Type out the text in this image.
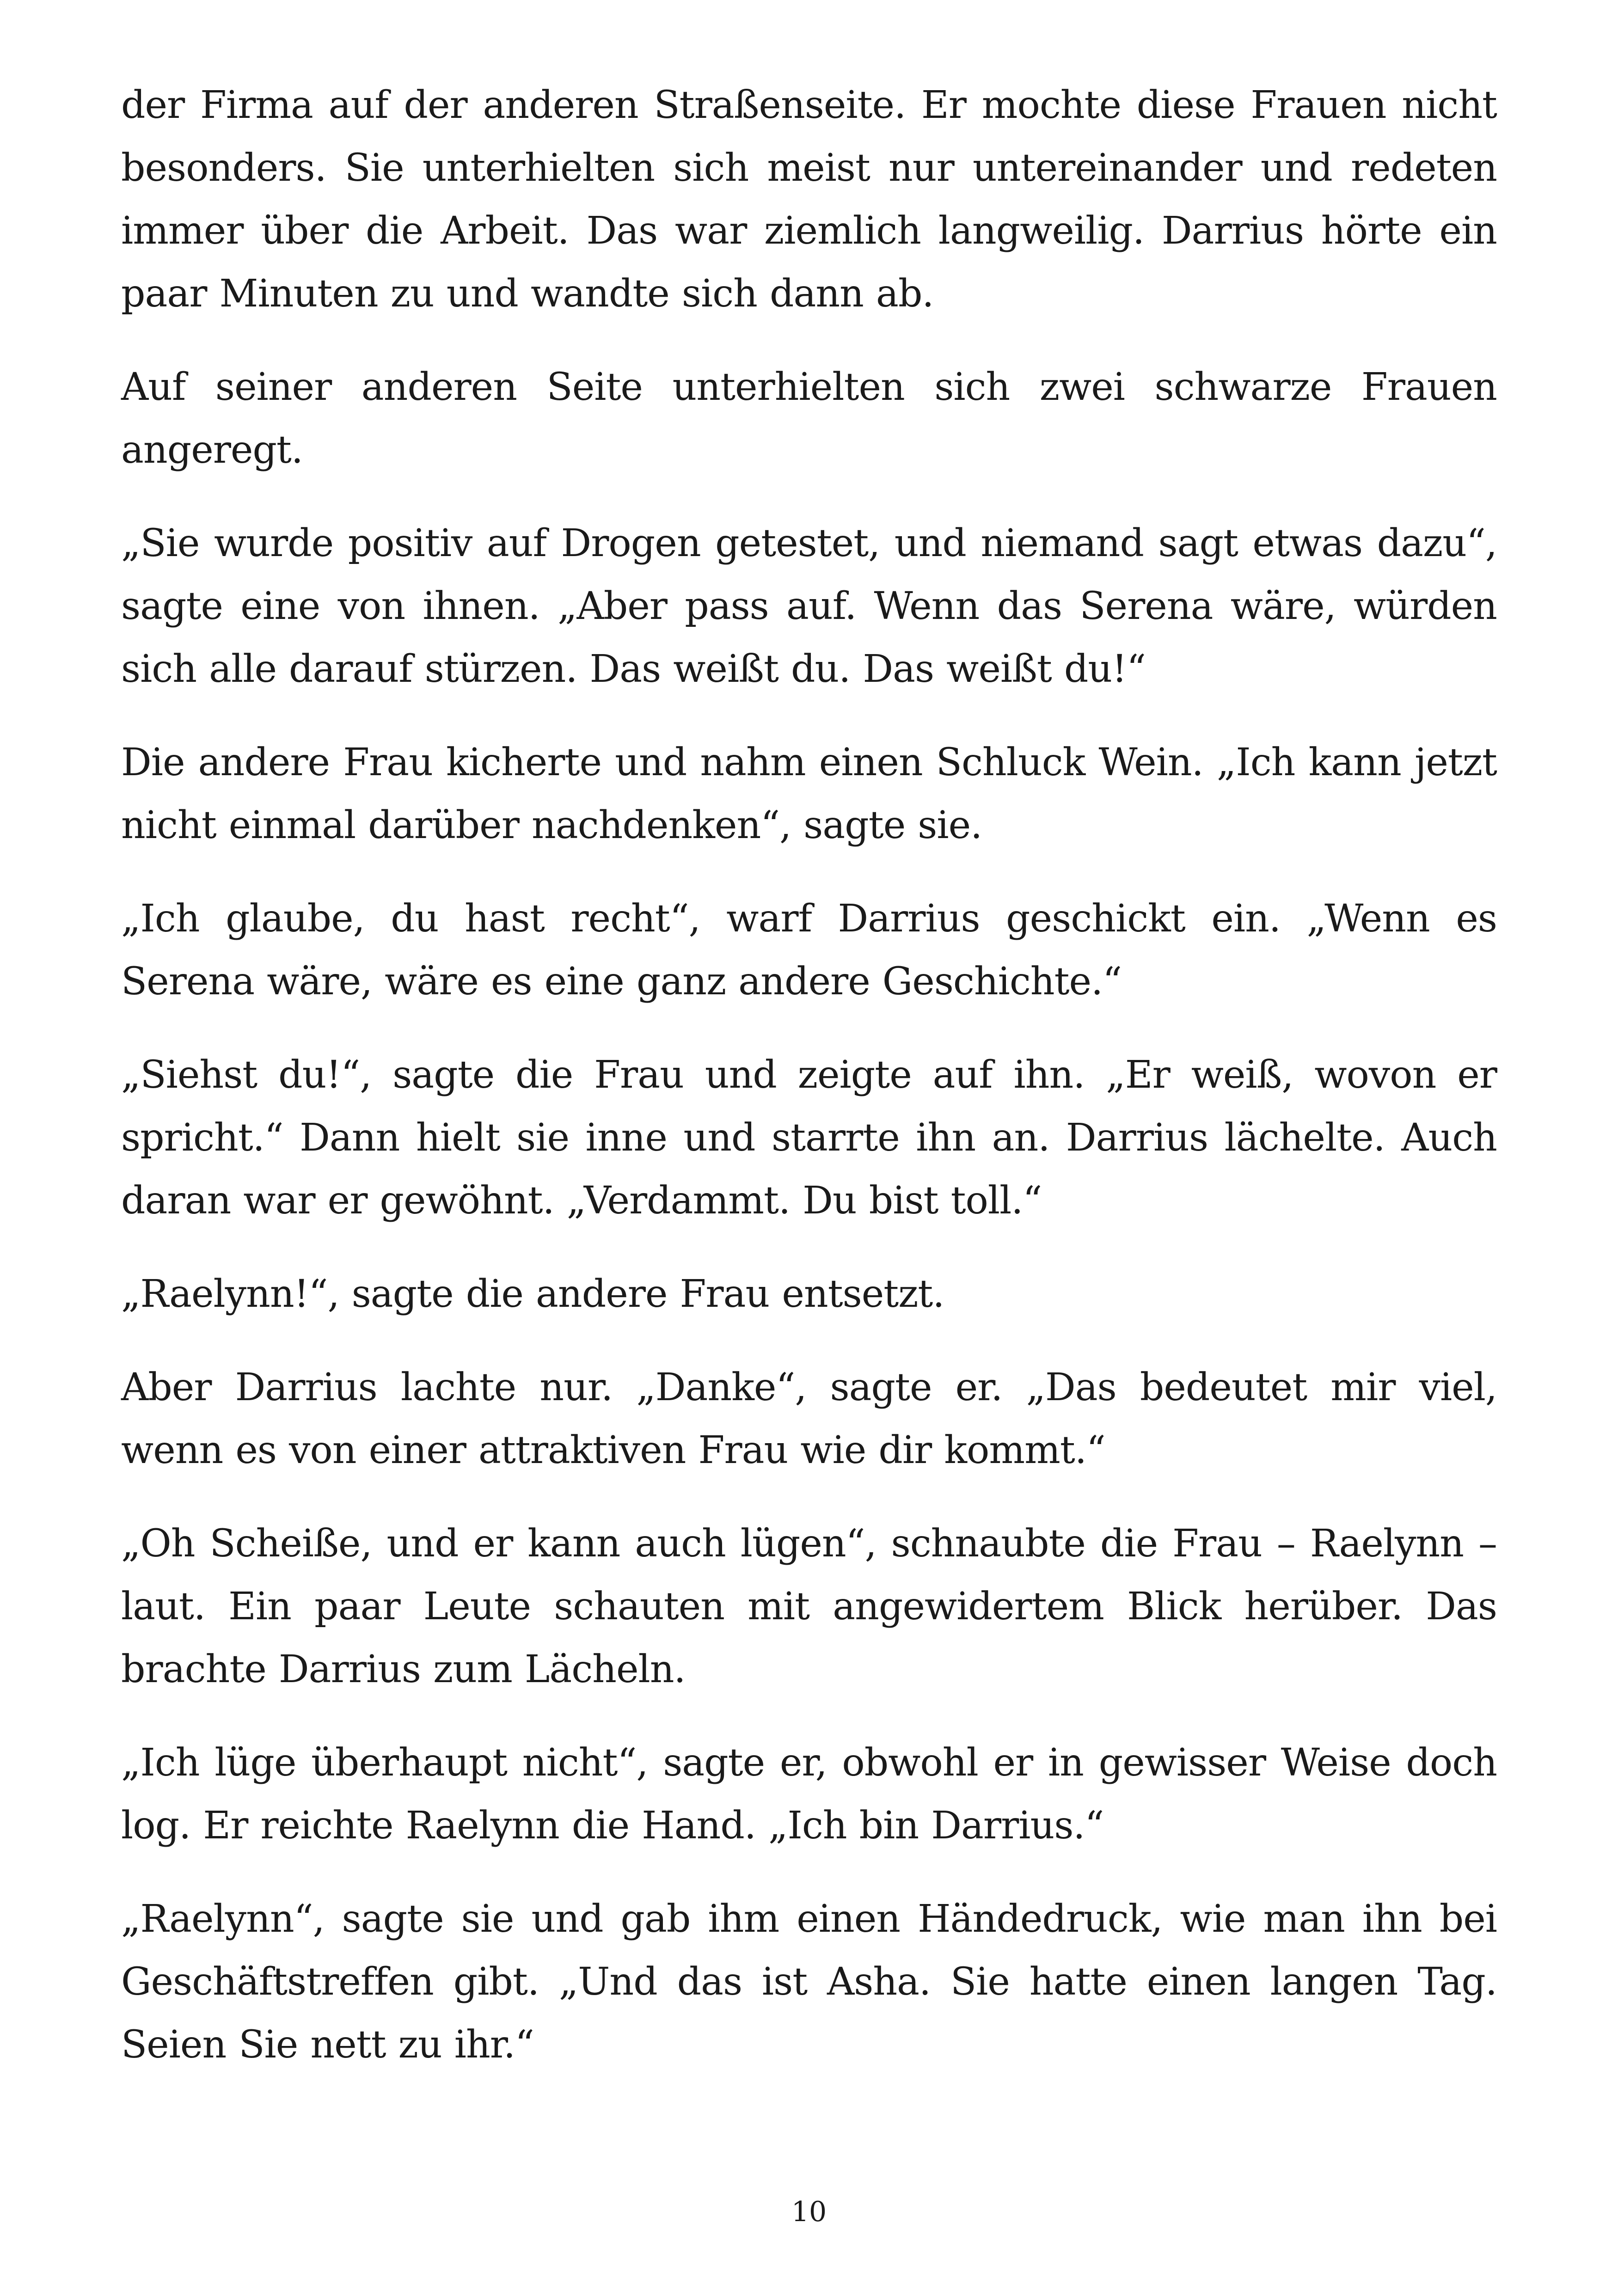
der Firma auf der anderen Straßenseite. Er mochte diese Frauen nicht besonders. Sie unterhielten sich meist nur untereinander und redeten immer über die Arbeit. Das war ziemlich langweilig. Darrius hörte ein paar Minuten zu und wandte sich dann ab.

Auf seiner anderen Seite unterhielten sich zwei schwarze Frauen angeregt.

„Sie wurde positiv auf Drogen getestet, und niemand sagt etwas dazu“, sagte eine von ihnen. „Aber pass auf. Wenn das Serena wäre, würden sich alle darauf stürzen. Das weißt du. Das weißt du!“

Die andere Frau kicherte und nahm einen Schluck Wein. „Ich kann jetzt nicht einmal darüber nachdenken“, sagte sie.

„Ich glaube, du hast recht“, warf Darrius geschickt ein. „Wenn es Serena wäre, wäre es eine ganz andere Geschichte.“

„Siehst du!“, sagte die Frau und zeigte auf ihn. „Er weiß, wovon er spricht.“ Dann hielt sie inne und starrte ihn an. Darrius lächelte. Auch daran war er gewöhnt. „Verdammt. Du bist toll.“

„Raelynn!“, sagte die andere Frau entsetzt.

Aber Darrius lachte nur. „Danke“, sagte er. „Das bedeutet mir viel, wenn es von einer attraktiven Frau wie dir kommt.“

„Oh Scheiße, und er kann auch lügen“, schnaubte die Frau – Raelynn – laut. Ein paar Leute schauten mit angewidertem Blick herüber. Das brachte Darrius zum Lächeln.

„Ich lüge überhaupt nicht“, sagte er, obwohl er in gewisser Weise doch log. Er reichte Raelynn die Hand. „Ich bin Darrius.“

„Raelynn“, sagte sie und gab ihm einen Händedruck, wie man ihn bei Geschäftstreffen gibt. „Und das ist Asha. Sie hatte einen langen Tag. Seien Sie nett zu ihr.“

10
